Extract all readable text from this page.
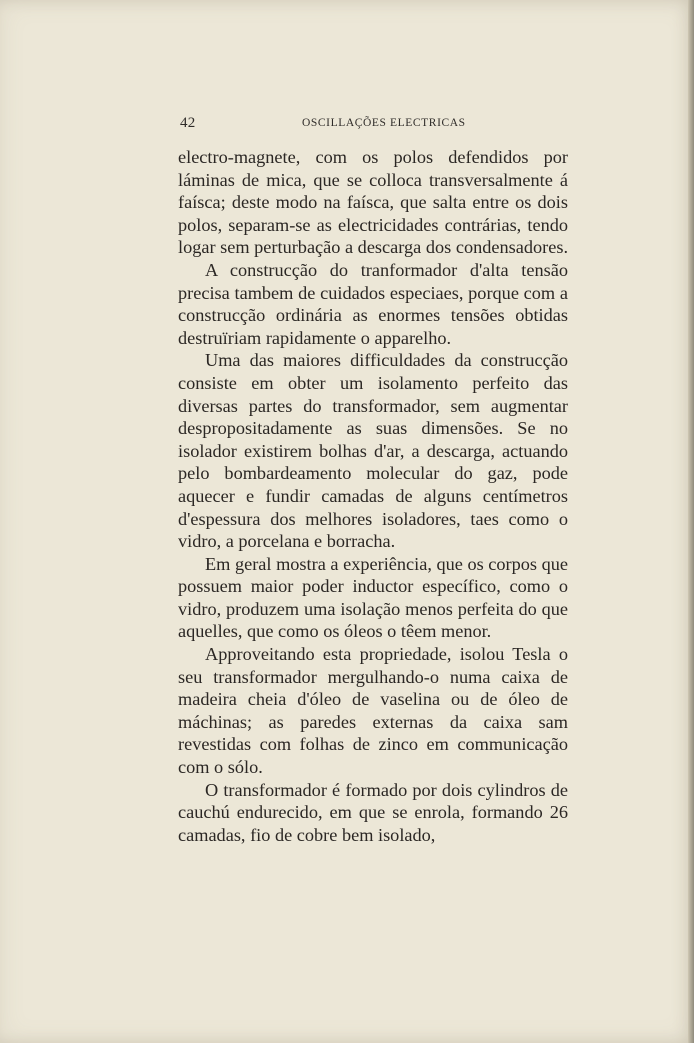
42	OSCILLAÇÕES ELECTRICAS

electro-magnete, com os polos defendidos por láminas de mica, que se colloca transversalmente á faísca; deste modo na faísca, que salta entre os dois polos, separam-se as electricidades contrárias, tendo logar sem perturbação a descarga dos condensadores.

A construcção do tranformador d'alta tensão precisa tambem de cuidados especiaes, porque com a construcção ordinária as enormes tensões obtidas destruïriam rapidamente o apparelho.

Uma das maiores difficuldades da construcção consiste em obter um isolamento perfeito das diversas partes do transformador, sem augmentar despropositadamente as suas dimensões. Se no isolador existirem bolhas d'ar, a descarga, actuando pelo bombardeamento molecular do gaz, pode aquecer e fundir camadas de alguns centímetros d'espessura dos melhores isoladores, taes como o vidro, a porcelana e borracha.

Em geral mostra a experiência, que os corpos que possuem maior poder inductor específico, como o vidro, produzem uma isolação menos perfeita do que aquelles, que como os óleos o têem menor.

Approveitando esta propriedade, isolou Tesla o seu transformador mergulhando-o numa caixa de madeira cheia d'óleo de vaselina ou de óleo de máchinas; as paredes externas da caixa sam revestidas com folhas de zinco em communicação com o sólo.

O transformador é formado por dois cylindros de cauchú endurecido, em que se enrola, formando 26 camadas, fio de cobre bem isolado,
